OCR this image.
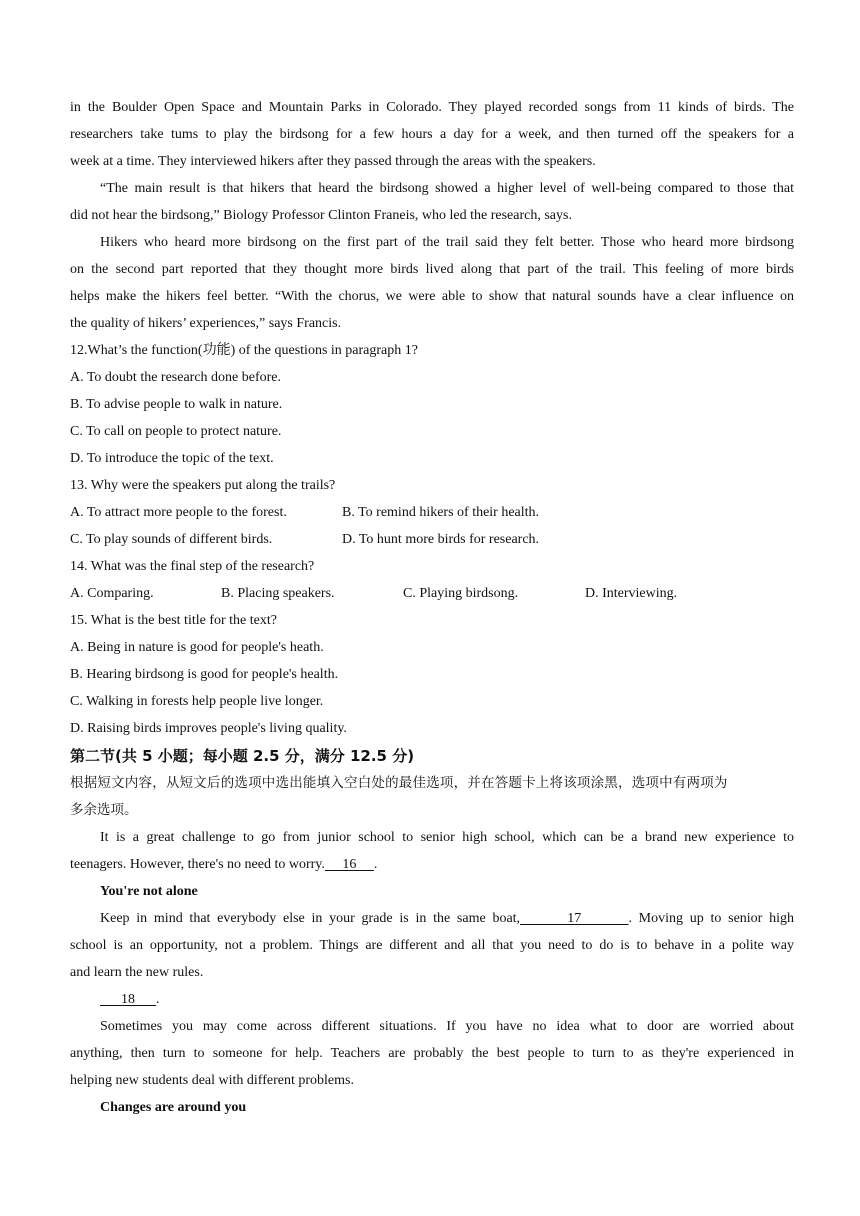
in the Boulder Open Space and Mountain Parks in Colorado. They played recorded songs from 11 kinds of birds. The
researchers take tums to play the birdsong for a few hours a day for a week, and then turned off the speakers for a
week at a time. They interviewed hikers after they passed through the areas with the speakers.
“The main result is that hikers that heard the birdsong showed a higher level of well-being compared to those that
did not hear the birdsong,” Biology Professor Clinton Franeis, who led the research, says.
Hikers who heard more birdsong on the first part of the trail said they felt better. Those who heard more birdsong
on the second part reported that they thought more birds lived along that part of the trail. This feeling of more birds
helps make the hikers feel better. “With the chorus, we were able to show that natural sounds have a clear influence on
the quality of hikers’ experiences,” says Francis.
12.What’s the function(功能) of the questions in paragraph 1?
A. To doubt the research done before.
B. To advise people to walk in nature.
C. To call on people to protect nature.
D. To introduce the topic of the text.
13. Why were the speakers put along the trails?
A. To attract more people to the forest.	B. To remind hikers of their health.
C. To play sounds of different birds.	D. To hunt more birds for research.
14. What was the final step of the research?
A. Comparing.	B. Placing speakers.	C. Playing birdsong.	D. Interviewing.
15. What is the best title for the text?
A. Being in nature is good for people's heath.
B. Hearing birdsong is good for people's health.
C. Walking in forests help people live longer.
D. Raising birds improves people's living quality.
第二节(共 5 小题；每小题 2.5 分，满分 12.5 分)
根据短文内容，从短文后的选项中选出能填入空白处的最佳选项，并在答题卡上将该项涂黑，选项中有两项为
多余选项。
It is a great challenge to go from junior school to senior high school, which can be a brand new experience to
teenagers. However, there's no need to worry.     16     .
You're not alone
Keep in mind that everybody else in your grade is in the same boat,       17       . Moving up to senior high
school is an opportunity, not a problem. Things are different and all that you need to do is to behave in a polite way
and learn the new rules.
18      .
Sometimes you may come across different situations. If you have no idea what to door are worried about
anything, then turn to someone for help. Teachers are probably the best people to turn to as they're experienced in
helping new students deal with different problems.
Changes are around you
